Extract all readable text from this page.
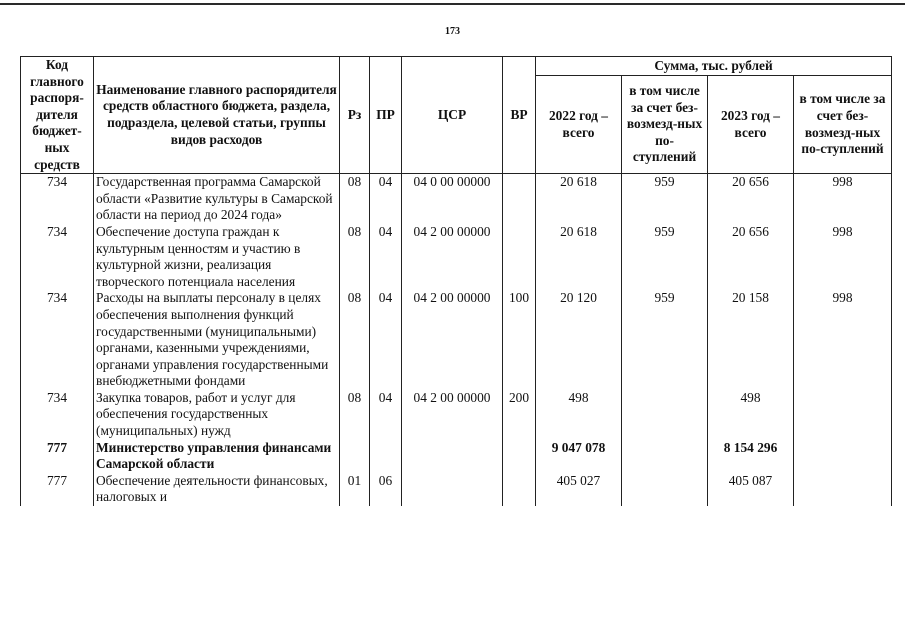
173
Код главного распоря-дителя бюджет-ных средств	Наименование главного распорядителя средств областного бюджета, раздела, подраздела, целевой статьи, группы видов расходов	Рз	ПР	ЦСР	ВР	Сумма, тыс. рублей			
						2022 год – всего	в том числе за счет без-возмезд-ных по-ступлений	2023 год – всего	в том числе за счет без-возмезд-ных по-ступлений
734	Государственная программа Самарской области «Развитие культуры в Самарской области на период до 2024 года»	08	04	04 0 00 00000		20 618	959	20 656	998
734	Обеспечение доступа граждан к культурным ценностям и участию в культурной жизни, реализация творческого потенциала населения	08	04	04 2 00 00000		20 618	959	20 656	998
734	Расходы на выплаты персоналу в целях обеспечения выполнения функций государственными (муниципальными) органами, казенными учреждениями, органами управления государственными внебюджетными фондами	08	04	04 2 00 00000	100	20 120	959	20 158	998
734	Закупка товаров, работ и услуг для обеспечения государственных (муниципальных) нужд	08	04	04 2 00 00000	200	498		498	
777	Министерство управления финансами Самарской области					9 047 078		8 154 296	
777	Обеспечение деятельности финансовых, налоговых и	01	06			405 027		405 087	
